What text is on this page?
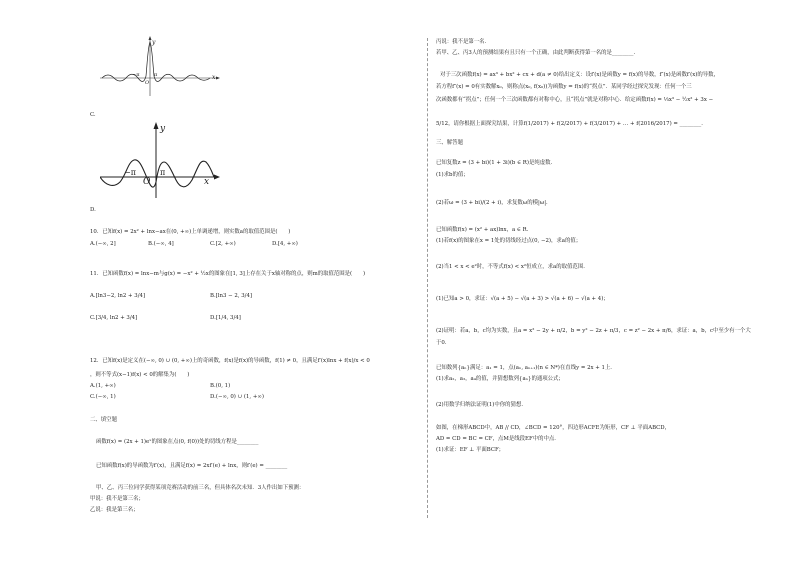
y
x
O
−π	π
C.
y
x
O
−π	π
D.
10．已知f(x) = 2x² + lnx−ax在(0, +∞)上单调递增，则实数a的取值范围是(　　)
A.(−∞, 2]	B.(−∞, 4]	C.[2, +∞)	D.[4, +∞)
11．已知函数f(x) = lnx−m与g(x) = −x² + ½x的图象在[1, 3]上存在关于x轴对称的点，则m的取值范围是(　　)
A.[ln3−2, ln2 + 3/4]	B.[ln3 − 2, 3/4]
C.[3/4, ln2 + 3/4]	D.[1/4, 3/4]
12．已知f(x)是定义在(−∞, 0) ∪ (0, +∞)上的奇函数，f(x)是f(x)的导函数，f(1) ≠ 0，且满足f′(x)lnx + f(x)/x < 0
，则不等式(x−1)f(x) < 0的解集为(　　)
A.(1, +∞)	B.(0, 1)
C.(−∞, 1)	D.(−∞, 0) ∪ (1, +∞)
二、填空题
函数f(x) = (2x + 1)eˣ的图象在点(0, f(0))处的切线方程是________
已知函数f(x)的导函数为f′(x)，且满足f(x) = 2xf′(e) + lnx，则f′(e) = ________
甲、乙、丙三位同学获得某项竞赛活动的前三名，但具体名次未知．3人作出如下预测：
甲说：我不是第三名；
乙说：我是第三名；
丙说：我不是第一名．
若甲、乙、丙3人的预测结果有且只有一个正确，由此判断获得第一名的是________．
对于三次函数f(x) = ax³ + bx² + cx + d(a ≠ 0)给出定义：设f′(x)是函数y = f(x)的导数，f″(x)是函数f′(x)的导数，
若方程f″(x) = 0有实数解x₀，则称点(x₀, f(x₀))为函数y = f(x)的“拐点”．某同学经过探究发现：任何一个三
次函数都有“拐点”；任何一个三次函数都有对称中心，且“拐点”就是对称中心．给定函数f(x) = ⅓x³ − ½x² + 3x −
5/12，请你根据上面探究结果，计算f(1/2017) + f(2/2017) + f(3/2017) + … + f(2016/2017) = ________．
三、解答题
已知复数z = (3 + bi)(1 + 3i)(b ∈ R)是纯虚数．
(1)求b的值；
(2)若ω = (3 + bi)/(2 + i)，求复数ω的模|ω|．
已知函数f(x) = (x² + ax)lnx，a ∈ R．
(1)若f(x)的图象在x = 1处的切线经过点(0, −2)，求a的值；
(2)当1 < x < e²时，不等式f(x) < x²恒成立，求a的取值范围．
(1)已知a > 0，求证：√(a + 5) − √(a + 3) > √(a + 6) − √(a + 4)；
(2)证明：若a，b，c均为实数，且a = x² − 2y + π/2，b = y² − 2z + π/3，c = z² − 2x + π/6，求证：a，b，c中至少有一个大
于0．
已知数列{aₙ}满足：a₁ = 1，点(aₙ, aₙ₊₁)(n ∈ N*)在直线y = 2x + 1上．
(1)求a₂，a₃，a₄的值，并猜想数列{aₙ}的通项公式；
(2)用数学归纳法证明(1)中你的猜想．
如图，在梯形ABCD中，AB // CD，∠BCD = 120°，四边形ACFE为矩形，CF ⊥ 平面ABCD，
AD = CD = BC = CF，点M是线段EF中的中点．
(1)求证：EF ⊥ 平面BCF；
